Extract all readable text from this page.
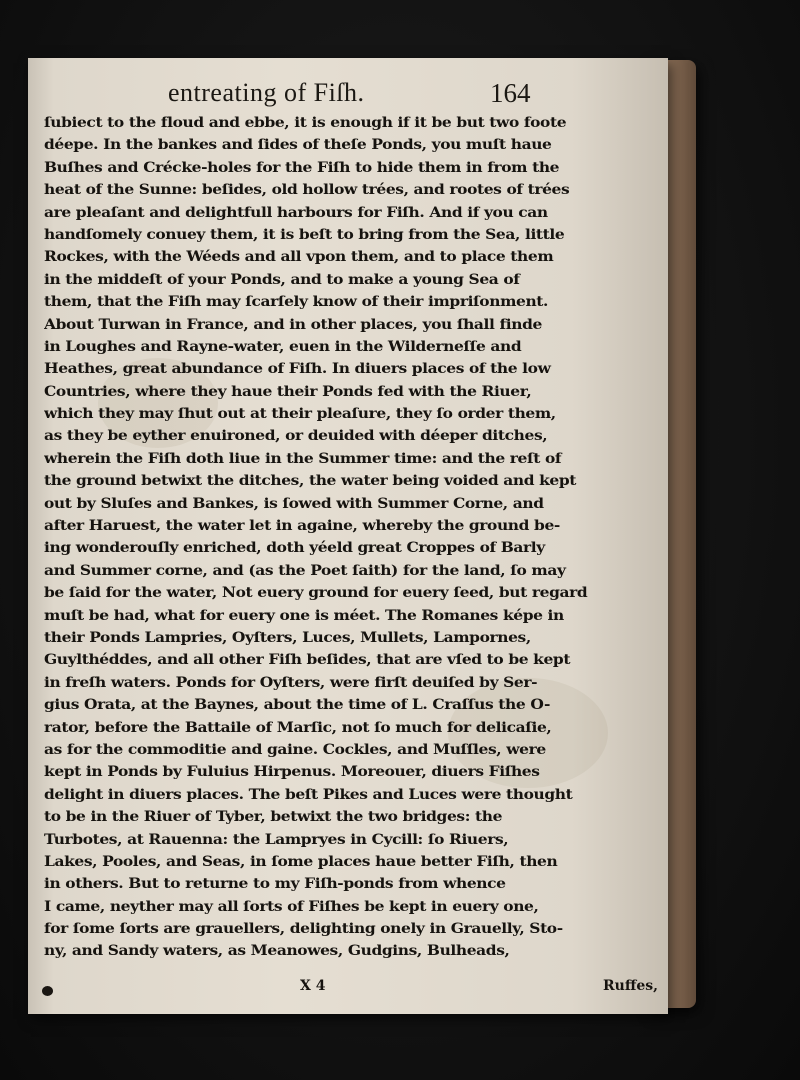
entreating of Fiſh.	164
ſubiect to the floud and ebbe, it is enough if it be but two foote
déepe. In the bankes and ſides of theſe Ponds, you muſt haue
Buſhes and Crécke-holes for the Fiſh to hide them in from the
heat of the Sunne: beſides, old hollow trées, and rootes of trées
are pleaſant and delightfull harbours for Fiſh. And if you can
handſomely conuey them, it is beſt to bring from the Sea, little
Rockes, with the Wéeds and all vpon them, and to place them
in the middeſt of your Ponds, and to make a young Sea of
them, that the Fiſh may ſcarſely know of their impriſonment.
About Turwan in France, and in other places, you ſhall finde
in Loughes and Rayne-water, euen in the Wilderneſſe and
Heathes, great abundance of Fiſh. In diuers places of the low
Countries, where they haue their Ponds fed with the Riuer,
which they may ſhut out at their pleaſure, they ſo order them,
as they be eyther enuironed, or deuided with déeper ditches,
wherein the Fiſh doth liue in the Summer time: and the reſt of
the ground betwixt the ditches, the water being voided and kept
out by Sluſes and Bankes, is ſowed with Summer Corne, and
after Haruest, the water let in againe, whereby the ground be-
ing wonderouſly enriched, doth yéeld great Croppes of Barly
and Summer corne, and (as the Poet ſaith) for the land, ſo may
be ſaid for the water, Not euery ground for euery ſeed, but regard
muſt be had, what for euery one is méet. The Romanes képe in
their Ponds Lampries, Oyſters, Luces, Mullets, Lampornes,
Guylthéddes, and all other Fiſh beſides, that are vſed to be kept
in freſh waters. Ponds for Oyſters, were firſt deuiſed by Ser-
gius Orata, at the Baynes, about the time of L. Craſſus the O-
rator, before the Battaile of Marſic, not ſo much for delicaſie,
as for the commoditie and gaine. Cockles, and Muſſles, were
kept in Ponds by Fuluius Hirpenus. Moreouer, diuers Fiſhes
delight in diuers places. The beſt Pikes and Luces were thought
to be in the Riuer of Tyber, betwixt the two bridges: the
Turbotes, at Rauenna: the Lampryes in Cycill: ſo Riuers,
Lakes, Pooles, and Seas, in ſome places haue better Fiſh, then
in others. But to returne to my Fiſh-ponds from whence
I came, neyther may all ſorts of Fiſhes be kept in euery one,
for ſome ſorts are grauellers, delighting onely in Grauelly, Sto-
ny, and Sandy waters, as Meanowes, Gudgins, Bulheads,
X 4	Ruffes,
